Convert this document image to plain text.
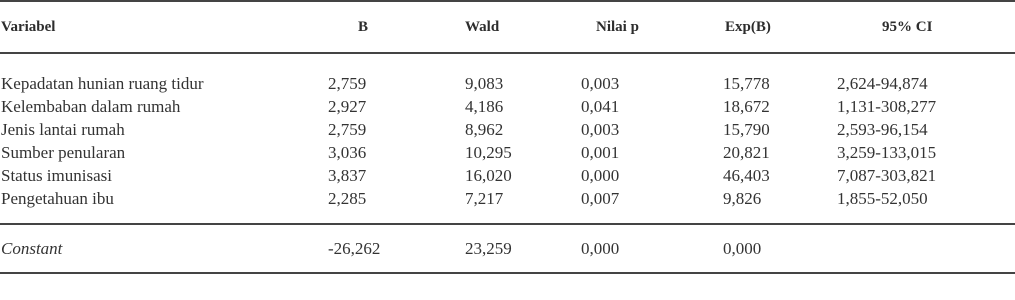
Variabel	B	Wald	Nilai p	Exp(B)	95% CI

Kepadatan hunian ruang tidur	2,759	9,083	0,003	15,778	2,624-94,874
Kelembaban dalam rumah	2,927	4,186	0,041	18,672	1,131-308,277
Jenis lantai rumah	2,759	8,962	0,003	15,790	2,593-96,154
Sumber penularan	3,036	10,295	0,001	20,821	3,259-133,015
Status imunisasi	3,837	16,020	0,000	46,403	7,087-303,821
Pengetahuan ibu	2,285	7,217	0,007	9,826	1,855-52,050

Constant	-26,262	23,259	0,000	0,000	
